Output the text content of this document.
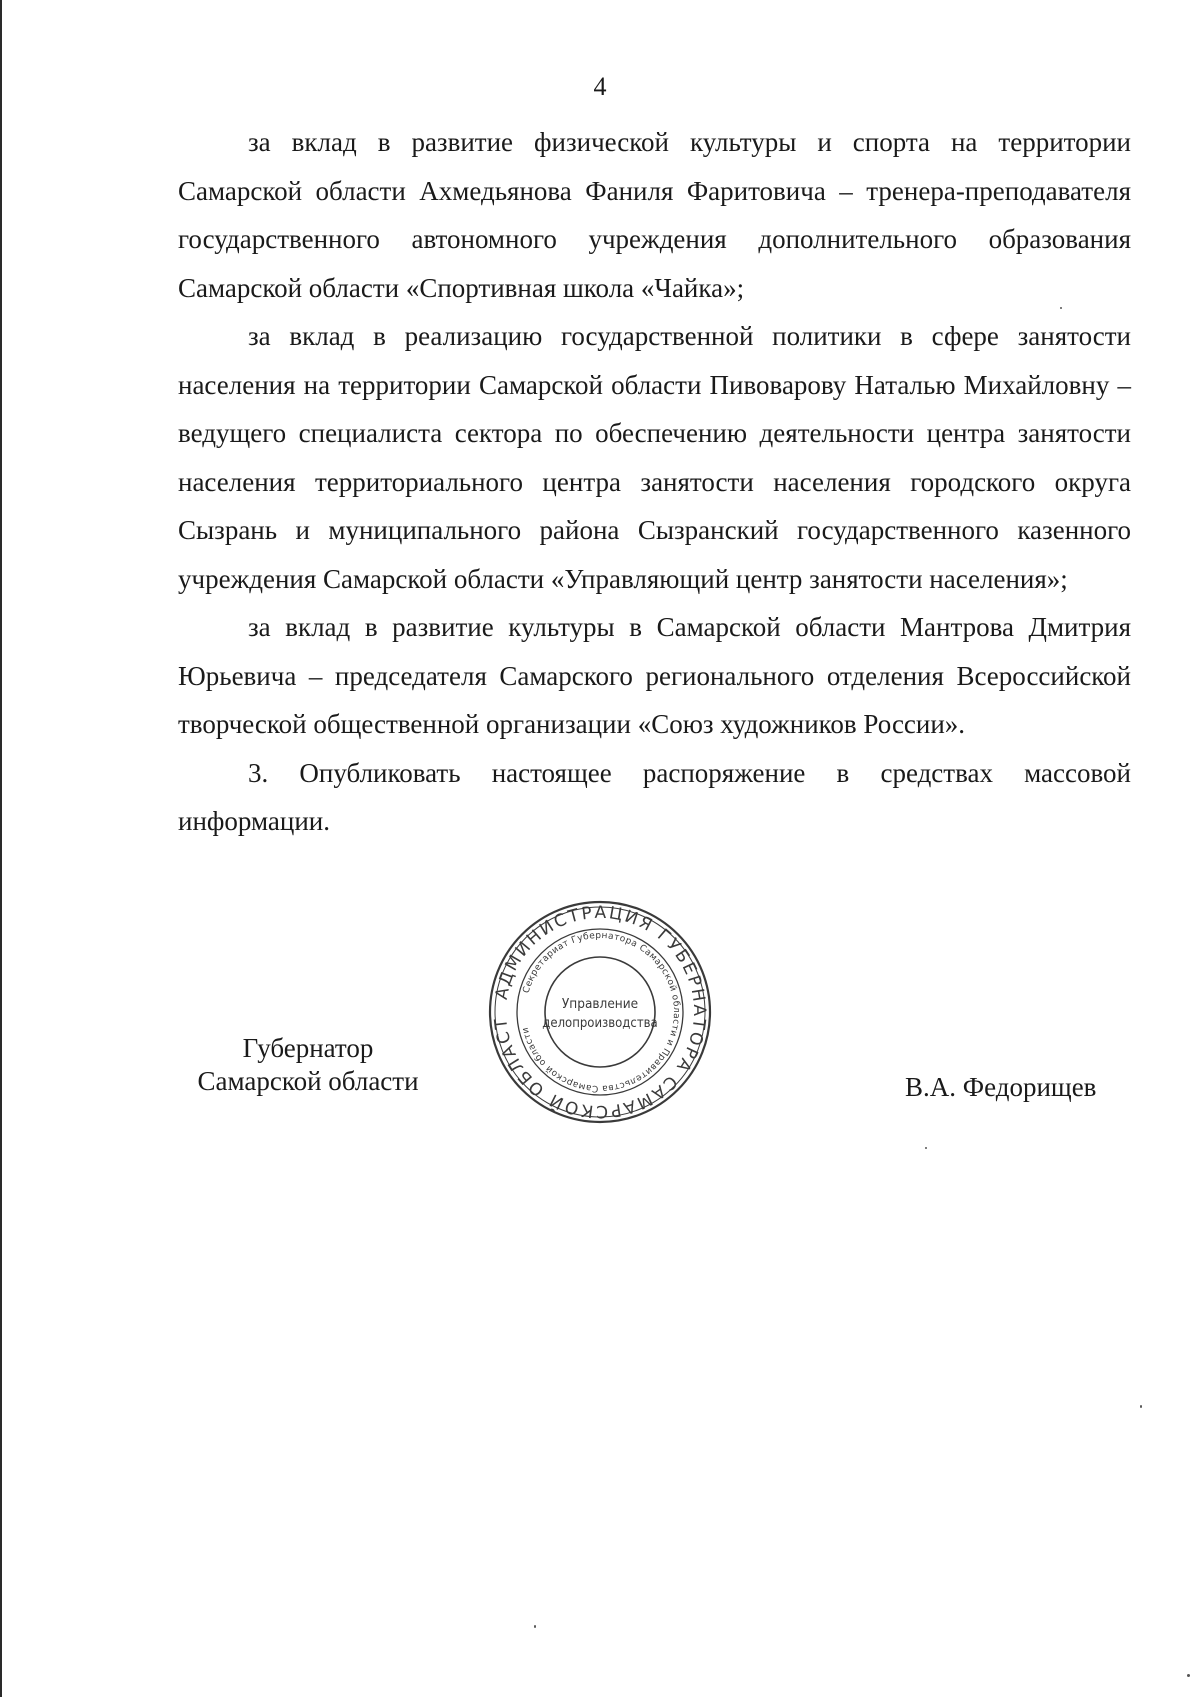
4

за вклад в развитие физической культуры и спорта на территории Самарской области Ахмедьянова Фаниля Фаритовича – тренера-преподавателя государственного автономного учреждения дополнительного образования Самарской области «Спортивная школа «Чайка»;

за вклад в реализацию государственной политики в сфере занятости населения на территории Самарской области Пивоварову Наталью Михайловну – ведущего специалиста сектора по обеспечению деятельности центра занятости населения территориального центра занятости населения городского округа Сызрань и муниципального района Сызранский государственного казенного учреждения Самарской области «Управляющий центр занятости населения»;

за вклад в развитие культуры в Самарской области Мантрова Дмитрия Юрьевича – председателя Самарского регионального отделения Всероссийской творческой общественной организации «Союз художников России».

3. Опубликовать настоящее распоряжение в средствах массовой информации.

Губернатор
Самарской области
АДМИНИСТРАЦИЯ ГУБЕРНАТОРА САМАРСКОЙ ОБЛАСТ
Секретариат Губернатора Самарской области и Правительства Самарской области
Управление
делопроизводства
В.А. Федорищев
